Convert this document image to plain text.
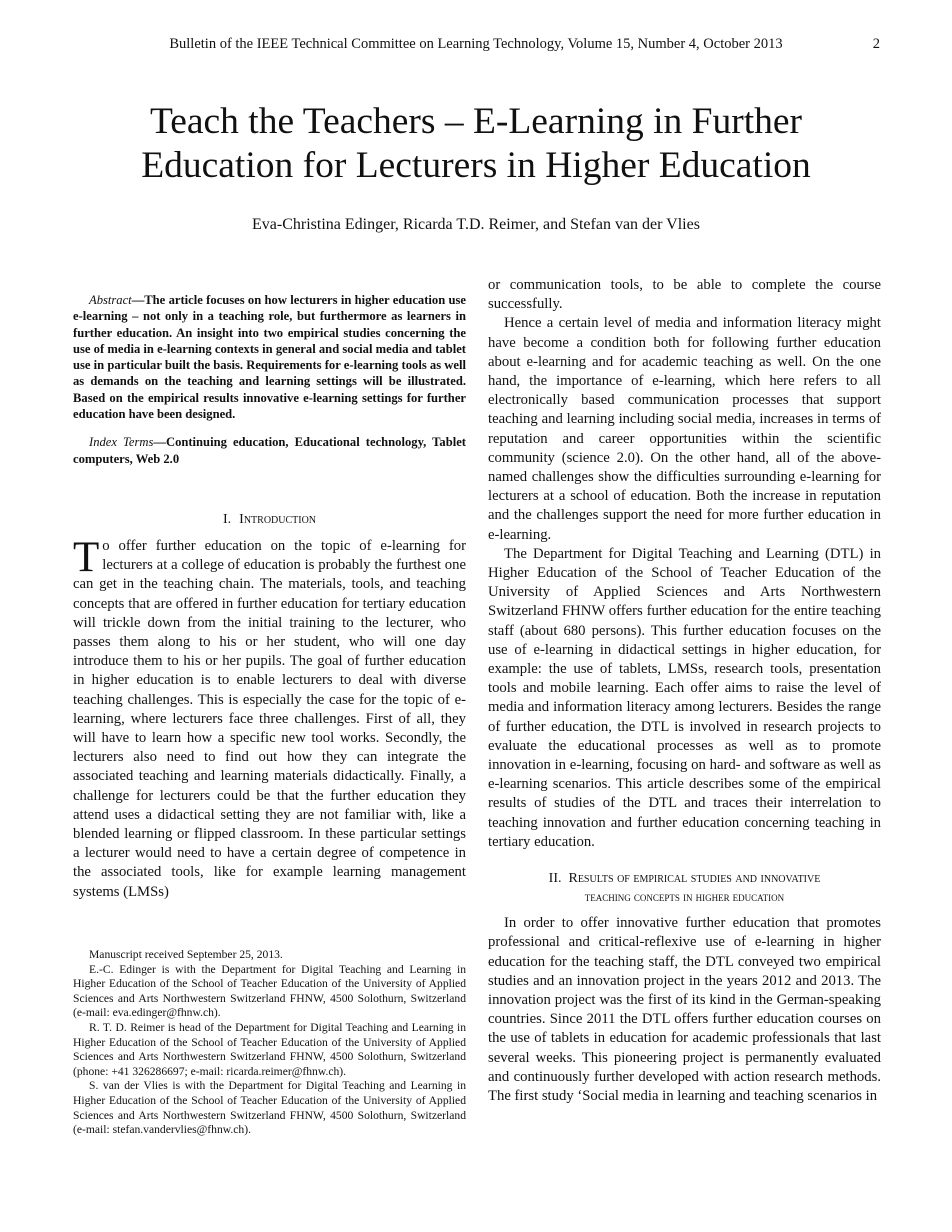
Bulletin of the IEEE Technical Committee on Learning Technology, Volume 15, Number 4, October 2013	2
Teach the Teachers – E-Learning in Further
Education for Lecturers in Higher Education
Eva-Christina Edinger, Ricarda T.D. Reimer, and Stefan van der Vlies

Abstract—The article focuses on how lecturers in higher education use e-learning – not only in a teaching role, but furthermore as learners in further education. An insight into two empirical studies concerning the use of media in e-learning contexts in general and social media and tablet use in particular built the basis. Requirements for e-learning tools as well as demands on the teaching and learning settings will be illustrated. Based on the empirical results innovative e-learning settings for further education have been designed.

Index Terms—Continuing education, Educational technology, Tablet computers, Web 2.0

I. Introduction

To offer further education on the topic of e-learning for lecturers at a college of education is probably the furthest one can get in the teaching chain. The materials, tools, and teaching concepts that are offered in further education for tertiary education will trickle down from the initial training to the lecturer, who passes them along to his or her student, who will one day introduce them to his or her pupils. The goal of further education in higher education is to enable lecturers to deal with diverse teaching challenges. This is especially the case for the topic of e-learning, where lecturers face three challenges. First of all, they will have to learn how a specific new tool works. Secondly, the lecturers also need to find out how they can integrate the associated teaching and learning materials didactically. Finally, a challenge for lecturers could be that the further education they attend uses a didactical setting they are not familiar with, like a blended learning or flipped classroom. In these particular settings a lecturer would need to have a certain degree of competence in the associated tools, like for example learning management systems (LMSs)

Manuscript received September 25, 2013.

E.-C. Edinger is with the Department for Digital Teaching and Learning in Higher Education of the School of Teacher Education of the University of Applied Sciences and Arts Northwestern Switzerland FHNW, 4500 Solothurn, Switzerland (e-mail: eva.edinger@fhnw.ch).

R. T. D. Reimer is head of the Department for Digital Teaching and Learning in Higher Education of the School of Teacher Education of the University of Applied Sciences and Arts Northwestern Switzerland FHNW, 4500 Solothurn, Switzerland (phone: +41 326286697; e-mail: ricarda.reimer@fhnw.ch).

S. van der Vlies is with the Department for Digital Teaching and Learning in Higher Education of the School of Teacher Education of the University of Applied Sciences and Arts Northwestern Switzerland FHNW, 4500 Solothurn, Switzerland (e-mail: stefan.vandervlies@fhnw.ch).

or communication tools, to be able to complete the course successfully.

Hence a certain level of media and information literacy might have become a condition both for following further education about e-learning and for academic teaching as well. On the one hand, the importance of e-learning, which here refers to all electronically based communication processes that support teaching and learning including social media, increases in terms of reputation and career opportunities within the scientific community (science 2.0). On the other hand, all of the above-named challenges show the difficulties surrounding e-learning for lecturers at a school of education. Both the increase in reputation and the challenges support the need for more further education in e-learning.

The Department for Digital Teaching and Learning (DTL) in Higher Education of the School of Teacher Education of the University of Applied Sciences and Arts Northwestern Switzerland FHNW offers further education for the entire teaching staff (about 680 persons). This further education focuses on the use of e-learning in didactical settings in higher education, for example: the use of tablets, LMSs, research tools, presentation tools and mobile learning. Each offer aims to raise the level of media and information literacy among lecturers. Besides the range of further education, the DTL is involved in research projects to evaluate the educational processes as well as to promote innovation in e-learning, focusing on hard- and software as well as e-learning scenarios. This article describes some of the empirical results of studies of the DTL and traces their interrelation to teaching innovation and further education concerning teaching in tertiary education.

II. Results of empirical studies and innovative
teaching concepts in higher education

In order to offer innovative further education that promotes professional and critical-reflexive use of e-learning in higher education for the teaching staff, the DTL conveyed two empirical studies and an innovation project in the years 2012 and 2013. The innovation project was the first of its kind in the German-speaking countries. Since 2011 the DTL offers further education courses on the use of tablets in education for academic professionals that last several weeks. This pioneering project is permanently evaluated and continuously further developed with action research methods. The first study ‘Social media in learning and teaching scenarios in
